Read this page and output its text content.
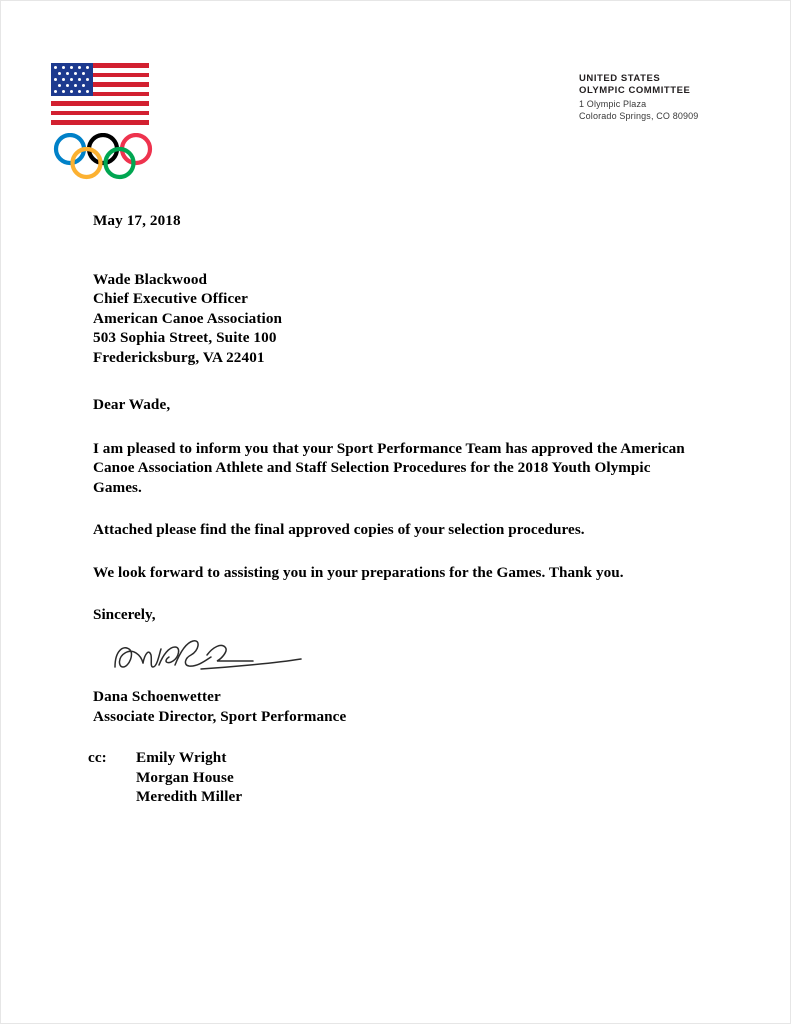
UNITED STATES
OLYMPIC COMMITTEE
1 Olympic Plaza
Colorado Springs, CO 80909

May 17, 2018

Wade Blackwood
Chief Executive Officer
American Canoe Association
503 Sophia Street, Suite 100
Fredericksburg, VA 22401

Dear Wade,

I am pleased to inform you that your Sport Performance Team has approved the American Canoe Association Athlete and Staff Selection Procedures for the 2018 Youth Olympic Games.

Attached please find the final approved copies of your selection procedures.

We look forward to assisting you in your preparations for the Games. Thank you.

Sincerely,

Dana Schoenwetter
Associate Director, Sport Performance
cc:	Emily Wright
Morgan House
Meredith Miller
